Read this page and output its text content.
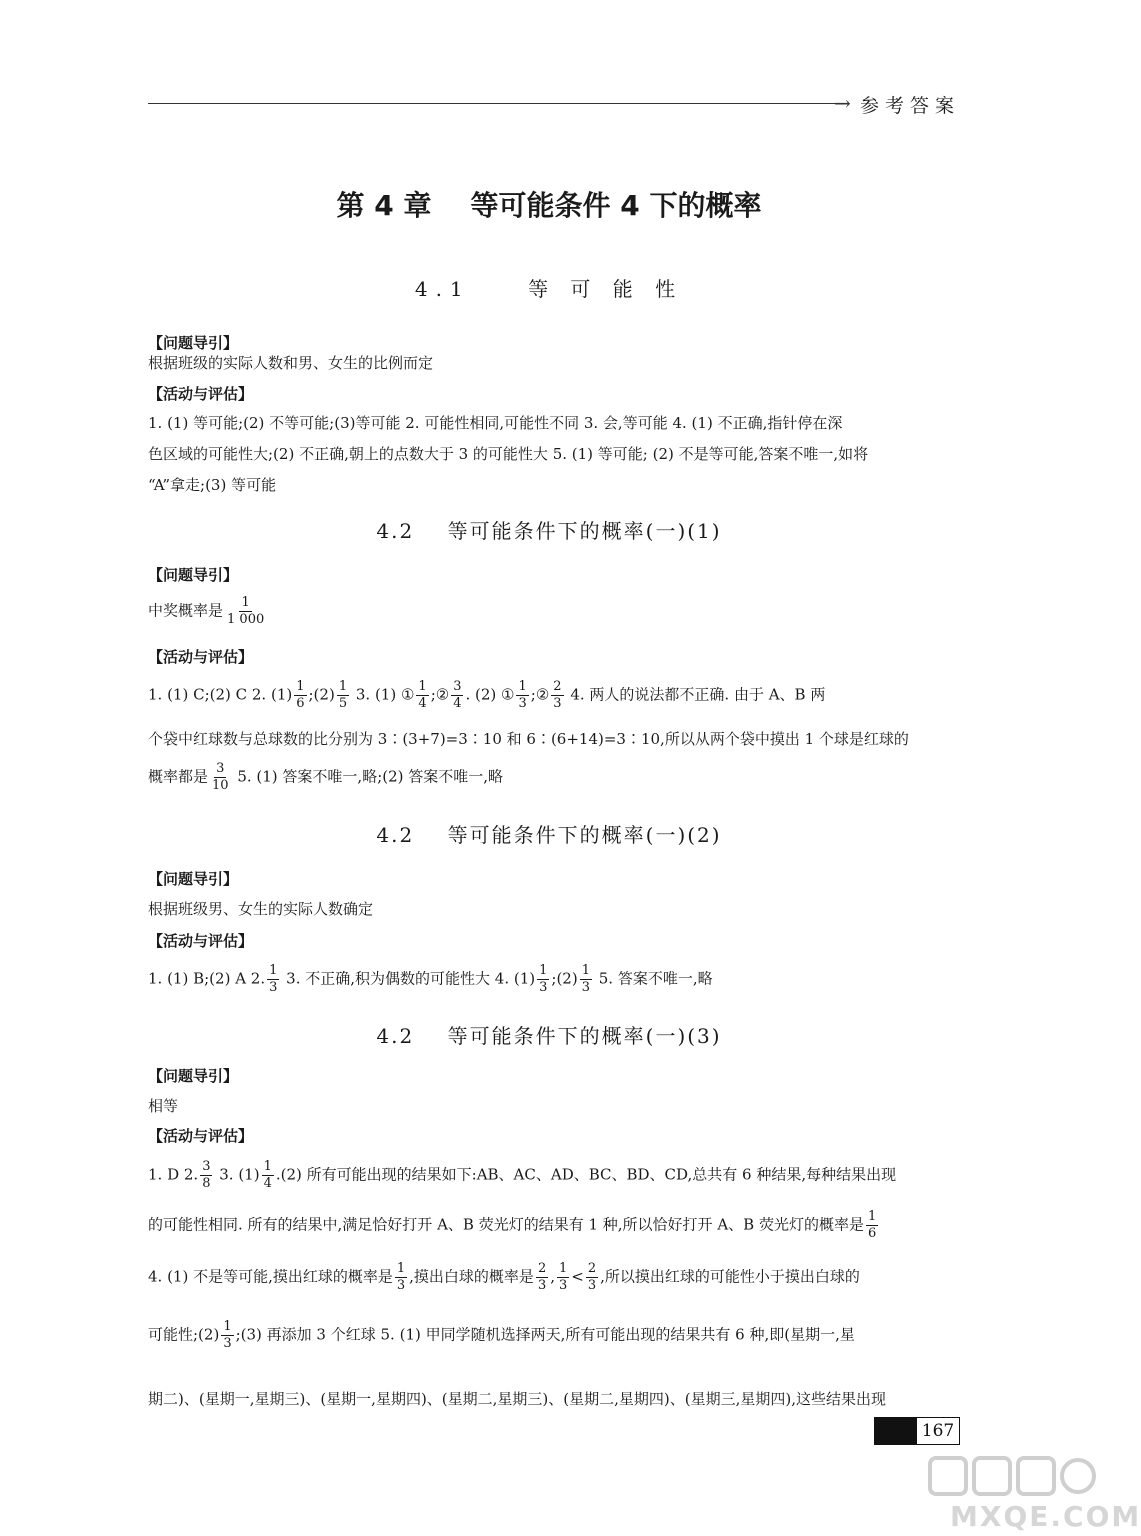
→ 参考答案
第 4 章    等可能条件 4 下的概率
4.1    等 可 能 性
【问题导引】
根据班级的实际人数和男、女生的比例而定
【活动与评估】
1. (1) 等可能;(2) 不等可能;(3)等可能 2. 可能性相同,可能性不同 3. 会,等可能 4. (1) 不正确,指针停在深
色区域的可能性大;(2) 不正确,朝上的点数大于 3 的可能性大 5. (1) 等可能; (2) 不是等可能,答案不唯一,如将
“A”拿走;(3) 等可能
4.2    等可能条件下的概率(一)(1)
【问题导引】
中奖概率是 $\frac{1}{1 000}$
【活动与评估】
1. (1) C;(2) C 2. $(1) \frac{1}{6}$ ;(2) $\frac{1}{5} 3$. (1) ① $\frac{1}{4}$ ;② $\frac{3}{4}$ . (2) ① $\frac{1}{3}$ ;② $\frac{2}{3} 4$. 两人的说法都不正确. 由于 A、B 两
个袋中红球数与总球数的比分别为 3∶(3+7)=3∶10 和 6∶(6+14)=3∶10,所以从两个袋中摸出 1 个球是红球的
概率都是 $\frac{3}{10} 5$. (1) 答案不唯一,略;(2) 答案不唯一,略
4.2    等可能条件下的概率(一)(2)
【问题导引】
根据班级男、女生的实际人数确定
【活动与评估】
1. (1) B;(2) A 2. $\frac{1}{3} 3$. 不正确,积为偶数的可能性大 4. $(1) \frac{1}{3}$ ;(2) $\frac{1}{3} 5$. 答案不唯一,略
4.2    等可能条件下的概率(一)(3)
【问题导引】
相等
【活动与评估】
1. D 2. $\frac{3}{8} 3$. $(1) \frac{1}{4} .(2)$ 所有可能出现的结果如下:AB、AC、AD、BC、BD、CD,总共有 6 种结果,每种结果出现
的可能性相同. 所有的结果中,满足恰好打开 A、B 荧光灯的结果有 1 种,所以恰好打开 A、B 荧光灯的概率是 $\frac{1}{6}$
4. (1) 不是等可能,摸出红球的概率是 $\frac{1}{3}$ ,摸出白球的概率是 $\frac{2}{3}$ , $\frac{1}{3} < \frac{2}{3}$ ,所以摸出红球的可能性小于摸出白球的
可能性;(2) $\frac{1}{3}$ ;(3) 再添加 3 个红球 5. (1) 甲同学随机选择两天,所有可能出现的结果共有 6 种,即(星期一,星
期二)、(星期一,星期三)、(星期一,星期四)、(星期二,星期三)、(星期二,星期四)、(星期三,星期四),这些结果出现
167
MXQE.COM
